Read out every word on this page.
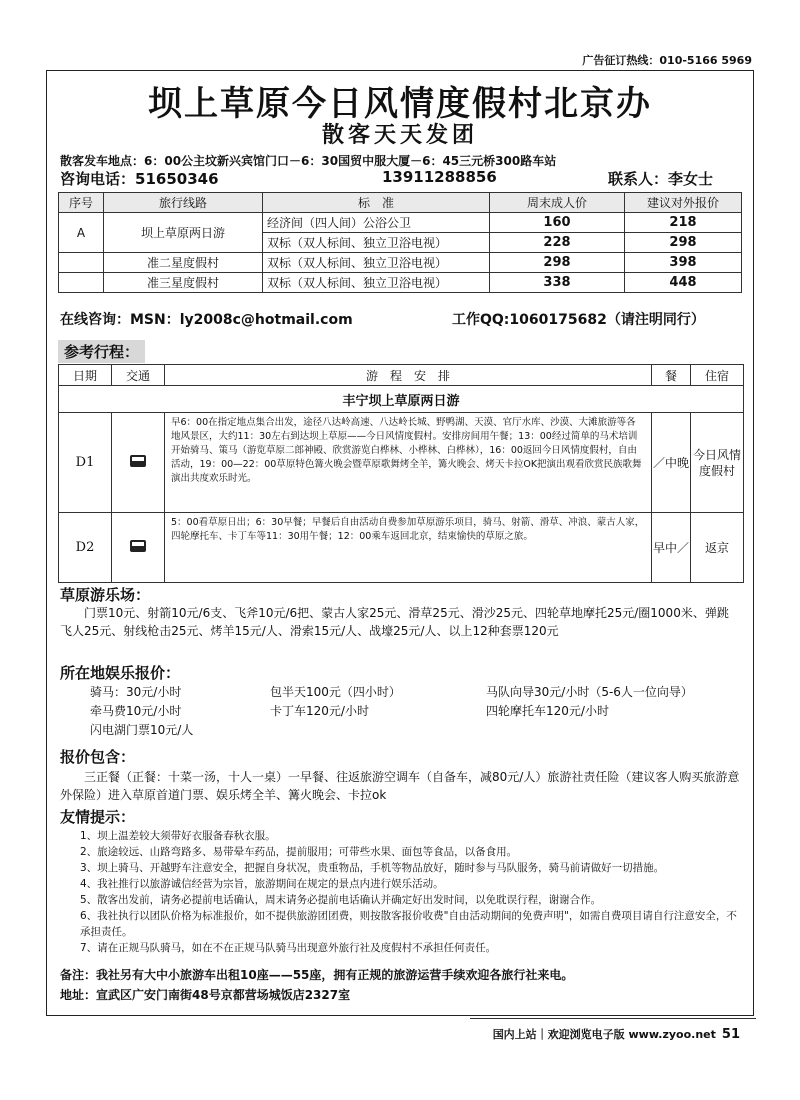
广告征订热线：010-5166 5969
坝上草原今日风情度假村北京办
散客天天发团
散客发车地点：6：00公主坟新兴宾馆门口－6：30国贸中服大厦－6：45三元桥300路车站
咨询电话：51650346	13911288856	联系人：李女士
序号	旅行线路	标　准	周末成人价	建议对外报价
A	坝上草原两日游	经济间（四人间）公浴公卫	160	218
		双标（双人标间、独立卫浴电视）	228	298
	准二星度假村	双标（双人标间、独立卫浴电视）	298	398
	准三星度假村	双标（双人标间、独立卫浴电视）	338	448
在线咨询：MSN：ly2008c@hotmail.com	工作QQ:1060175682（请注明同行）
参考行程：
日期	交通	游　程　安　排	餐	住宿
丰宁坝上草原两日游				
D1		早6：00在指定地点集合出发，途径八达岭高速、八达岭长城、野鸭湖、天漠、官厅水库、沙漠、大滩旅游等各地风景区，大约11：30左右到达坝上草原——今日风情度假村。安排房间用午餐；13：00经过简单的马术培训开始骑马、策马（游览草原二郎神殿、欣赏游览白桦林、小桦林、白桦林），16：00返回今日风情度假村，自由活动，19：00—22：00草原特色篝火晚会暨草原歌舞烤全羊，篝火晚会、烤天卡拉OK把演出观看欣赏民族歌舞演出共度欢乐时光。	／中晚	今日风情度假村
D2		5：00看草原日出；6：30早餐；早餐后自由活动自费参加草原游乐项目，骑马、射箭、滑草、冲浪、蒙古人家，四轮摩托车、卡丁车等11：30用午餐；12：00乘车返回北京，结束愉快的草原之旅。	早中／	返京
草原游乐场：
门票10元、射箭10元/6支、飞斧10元/6把、蒙古人家25元、滑草25元、滑沙25元、四轮草地摩托25元/圈1000米、弹跳飞人25元、射线枪击25元、烤羊15元/人、滑索15元/人、战壕25元/人、以上12种套票120元
所在地娱乐报价：
骑马：30元/小时	包半天100元（四小时）	马队向导30元/小时（5-6人一位向导）
牵马费10元/小时	卡丁车120元/小时	四轮摩托车120元/小时
闪电湖门票10元/人
报价包含：
三正餐（正餐：十菜一汤，十人一桌）一早餐、往返旅游空调车（自备车，减80元/人）旅游社责任险（建议客人购买旅游意外保险）进入草原首道门票、娱乐烤全羊、篝火晚会、卡拉ok
友情提示：
1、坝上温差较大须带好衣服备春秋衣服。
2、旅途较远、山路弯路多、易带晕车药品，提前服用；可带些水果、面包等食品，以备食用。
3、坝上骑马、开越野车注意安全，把握自身状况，贵重物品，手机等物品放好，随时参与马队服务，骑马前请做好一切措施。
4、我社推行以旅游诚信经营为宗旨，旅游期间在规定的景点内进行娱乐活动。
5、散客出发前，请务必提前电话确认，周末请务必提前电话确认并确定好出发时间，以免耽误行程，谢谢合作。
6、我社执行以团队价格为标准报价，如不提供旅游团团费，则按散客报价收费"自由活动期间的免费声明"，如需自费项目请自行注意安全，不承担责任。
7、请在正规马队骑马，如在不在正规马队骑马出现意外旅行社及度假村不承担任何责任。
备注：我社另有大中小旅游车出租10座——55座，拥有正规的旅游运营手续欢迎各旅行社来电。
地址：宣武区广安门南街48号京都营场城饭店2327室
国内上站｜欢迎浏览电子版 www.zyoo.net 51
